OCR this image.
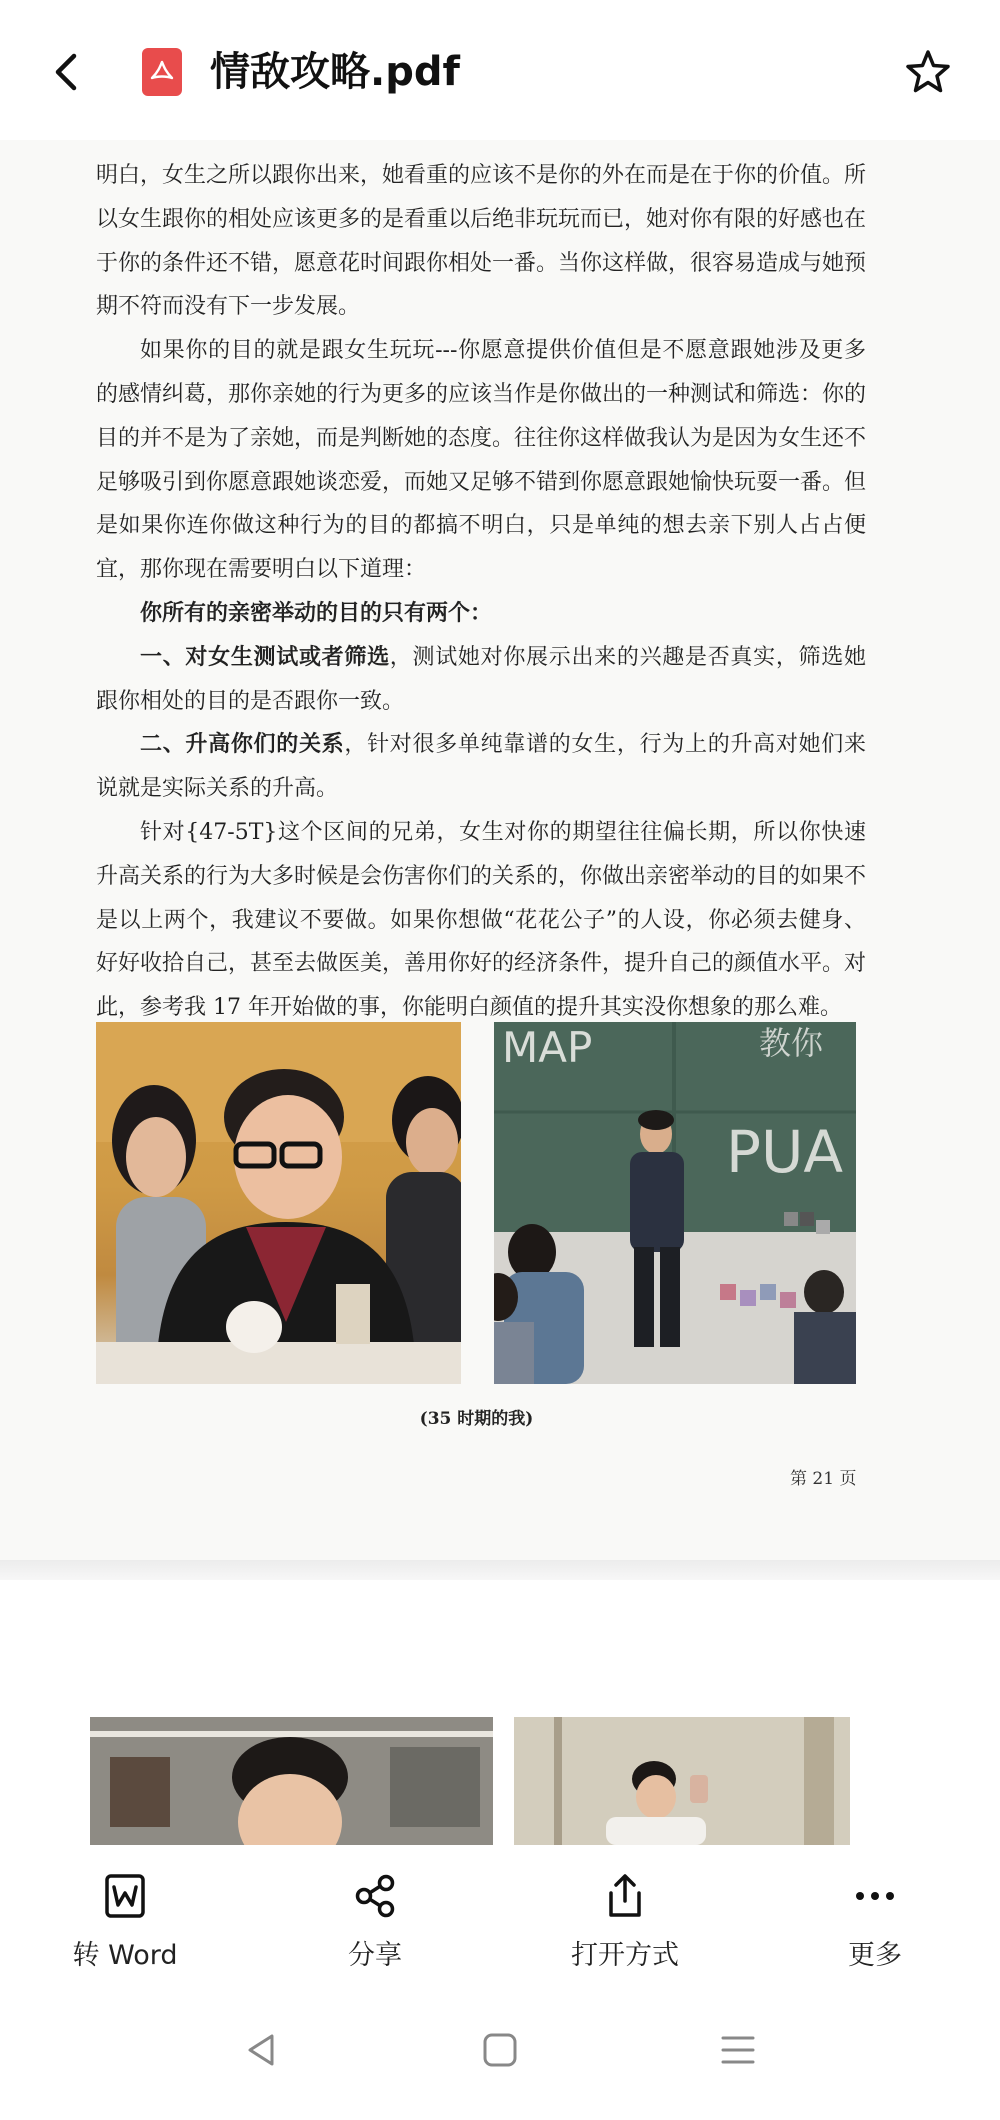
情敌攻略.pdf

明白，女生之所以跟你出来，她看重的应该不是你的外在而是在于你的价值。所以女生跟你的相处应该更多的是看重以后绝非玩玩而已，她对你有限的好感也在于你的条件还不错，愿意花时间跟你相处一番。当你这样做，很容易造成与她预期不符而没有下一步发展。

如果你的目的就是跟女生玩玩---你愿意提供价值但是不愿意跟她涉及更多的感情纠葛，那你亲她的行为更多的应该当作是你做出的一种测试和筛选：你的目的并不是为了亲她，而是判断她的态度。往往你这样做我认为是因为女生还不足够吸引到你愿意跟她谈恋爱，而她又足够不错到你愿意跟她愉快玩耍一番。但是如果你连你做这种行为的目的都搞不明白，只是单纯的想去亲下别人占占便宜，那你现在需要明白以下道理：

你所有的亲密举动的目的只有两个：

一、对女生测试或者筛选，测试她对你展示出来的兴趣是否真实，筛选她跟你相处的目的是否跟你一致。

二、升高你们的关系，针对很多单纯靠谱的女生，行为上的升高对她们来说就是实际关系的升高。

针对{47-5T}这个区间的兄弟，女生对你的期望往往偏长期，所以你快速升高关系的行为大多时候是会伤害你们的关系的，你做出亲密举动的目的如果不是以上两个，我建议不要做。如果你想做“花花公子”的人设，你必须去健身、好好收拾自己，甚至去做医美，善用你好的经济条件，提升自己的颜值水平。对此，参考我 17 年开始做的事，你能明白颜值的提升其实没你想象的那么难。

MAP	教你
PUA
(35 时期的我)
第 21 页
转 Word	分享	打开方式	更多
